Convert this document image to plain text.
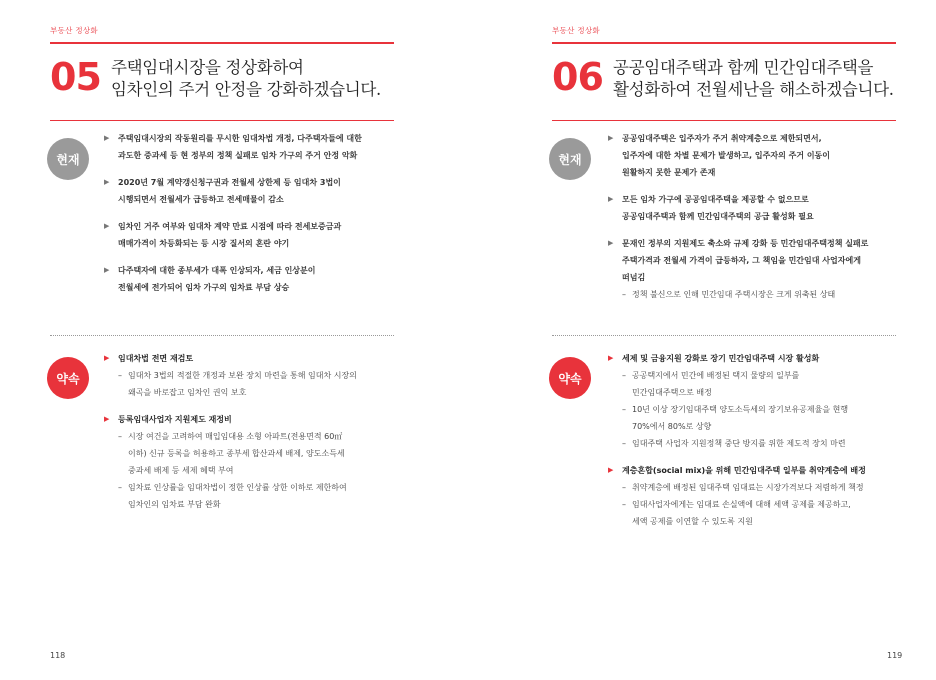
부동산 정상화
05 주택임대시장을 정상화하여
임차인의 주거 안정을 강화하겠습니다.
현재
▶ 주택임대시장의 작동원리를 무시한 임대차법 개정, 다주택자들에 대한
과도한 중과세 등 현 정부의 정책 실패로 임차 가구의 주거 안정 악화
▶ 2020년 7월 계약갱신청구권과 전월세 상한제 등 임대차 3법이
시행되면서 전월세가 급등하고 전세매물이 감소
▶ 임차인 거주 여부와 임대차 계약 만료 시점에 따라 전세보증금과
매매가격이 차등화되는 등 시장 질서의 혼란 야기
▶ 다주택자에 대한 종부세가 대폭 인상되자, 세금 인상분이
전월세에 전가되어 임차 가구의 임차료 부담 상승
약속
▶ 임대차법 전면 재검토
– 임대차 3법의 적절한 개정과 보완 장치 마련을 통해 임대차 시장의
왜곡을 바로잡고 임차인 권익 보호
▶ 등록임대사업자 지원제도 재정비
– 시장 여건을 고려하여 매입임대용 소형 아파트(전용면적 60㎡
이하) 신규 등록을 허용하고 종부세 합산과세 배제, 양도소득세
중과세 배제 등 세제 혜택 부여
– 임차료 인상률을 임대차법이 정한 인상률 상한 이하로 제한하여
임차인의 임차료 부담 완화
118
부동산 정상화
06 공공임대주택과 함께 민간임대주택을
활성화하여 전월세난을 해소하겠습니다.
현재
▶ 공공임대주택은 입주자가 주거 취약계층으로 제한되면서,
입주자에 대한 차별 문제가 발생하고, 입주자의 주거 이동이
원활하지 못한 문제가 존재
▶ 모든 임차 가구에 공공임대주택을 제공할 수 없으므로
공공임대주택과 함께 민간임대주택의 공급 활성화 필요
▶ 문재인 정부의 지원제도 축소와 규제 강화 등 민간임대주택정책 실패로
주택가격과 전월세 가격이 급등하자, 그 책임을 민간임대 사업자에게
떠넘김
– 정책 불신으로 인해 민간임대 주택시장은 크게 위축된 상태
약속
▶ 세제 및 금융지원 강화로 장기 민간임대주택 시장 활성화
– 공공택지에서 민간에 배정된 택지 물량의 일부를
민간임대주택으로 배정
– 10년 이상 장기임대주택 양도소득세의 장기보유공제율을 현행
70%에서 80%로 상향
– 임대주택 사업자 지원정책 중단 방지를 위한 제도적 장치 마련
▶ 계층혼합(social mix)을 위해 민간임대주택 일부를 취약계층에 배정
– 취약계층에 배정된 임대주택 임대료는 시장가격보다 저렴하게 책정
– 임대사업자에게는 임대료 손실액에 대해 세액 공제를 제공하고,
세액 공제를 이연할 수 있도록 지원
119
